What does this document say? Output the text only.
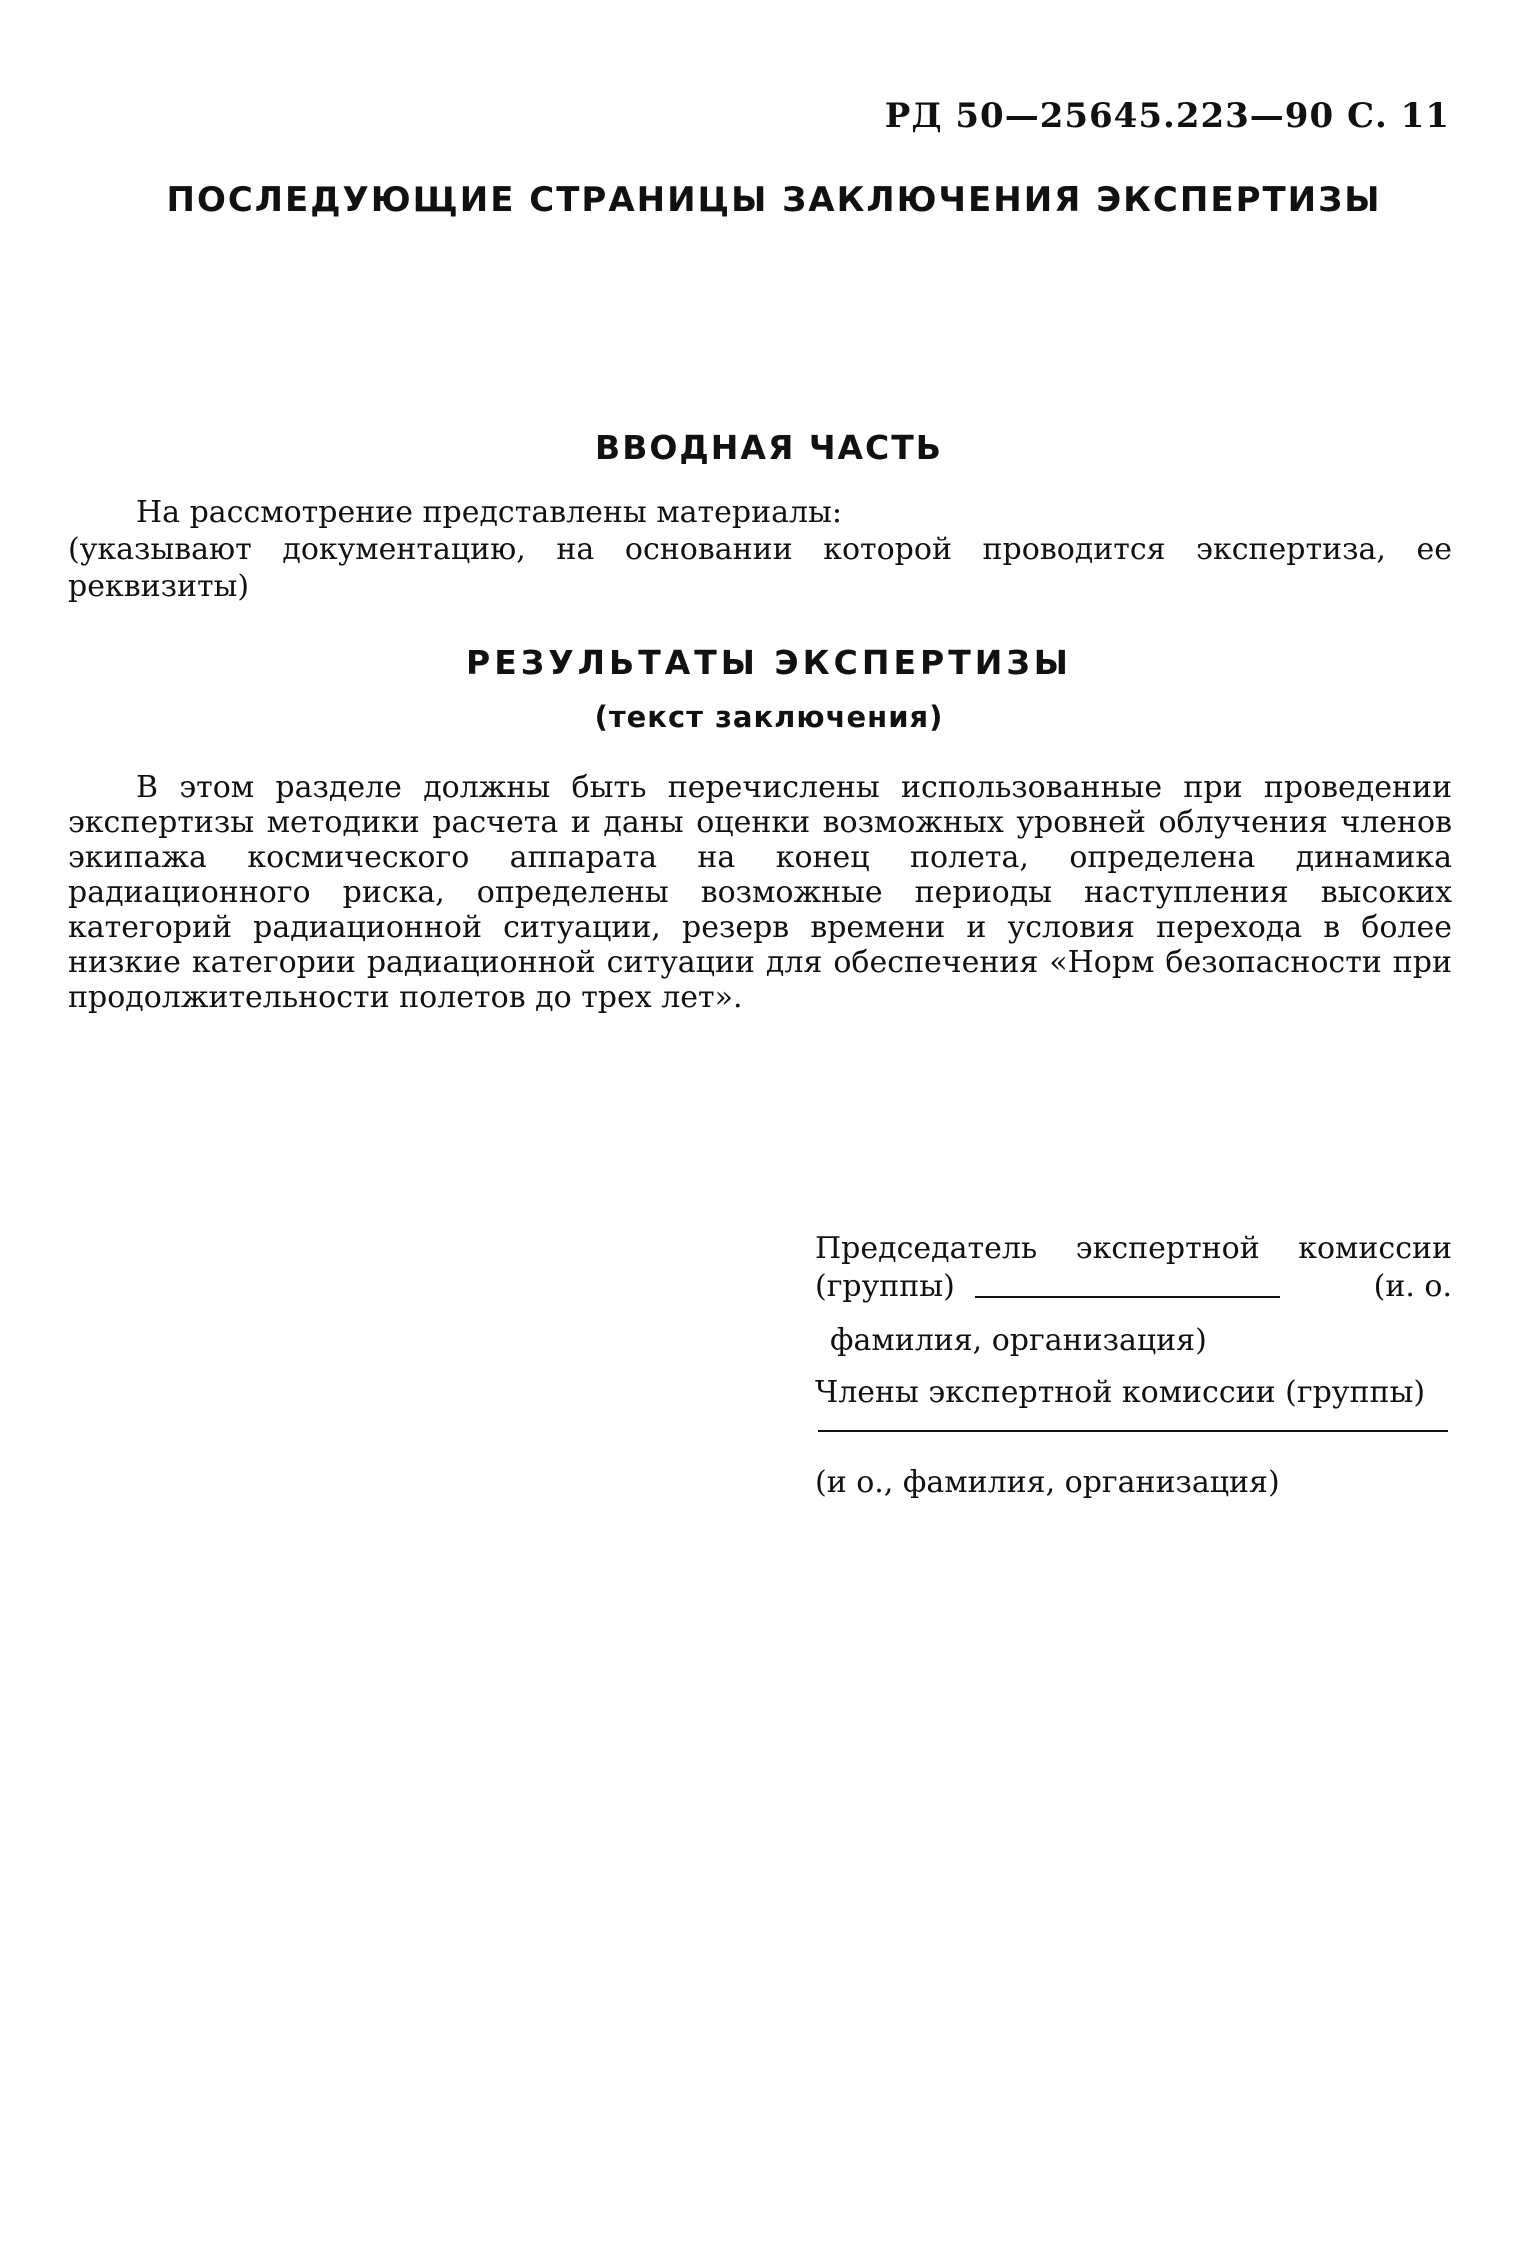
РД 50—25645.223—90 С. 11
ПОСЛЕДУЮЩИЕ СТРАНИЦЫ ЗАКЛЮЧЕНИЯ ЭКСПЕРТИЗЫ
ВВОДНАЯ ЧАСТЬ
На рассмотрение представлены материалы:
(указывают документацию, на основании которой проводится экспертиза, ее реквизиты)
РЕЗУЛЬТАТЫ ЭКСПЕРТИЗЫ
(текст заключения)
В этом разделе должны быть перечислены использованные при проведении экспертизы методики расчета и даны оценки возможных уровней облучения членов экипажа космического аппарата на конец полета, определена динамика радиационного риска, определены возможные периоды наступления высоких категорий радиационной ситуации, резерв времени и условия перехода в более низкие категории радиационной ситуации для обеспечения «Норм безопасности при продолжительности полетов до трех лет».
Председатель экспертной комиссии
(группы)	(и. о.
фамилия, организация)
Члены экспертной комиссии (группы)
(и о., фамилия, организация)
